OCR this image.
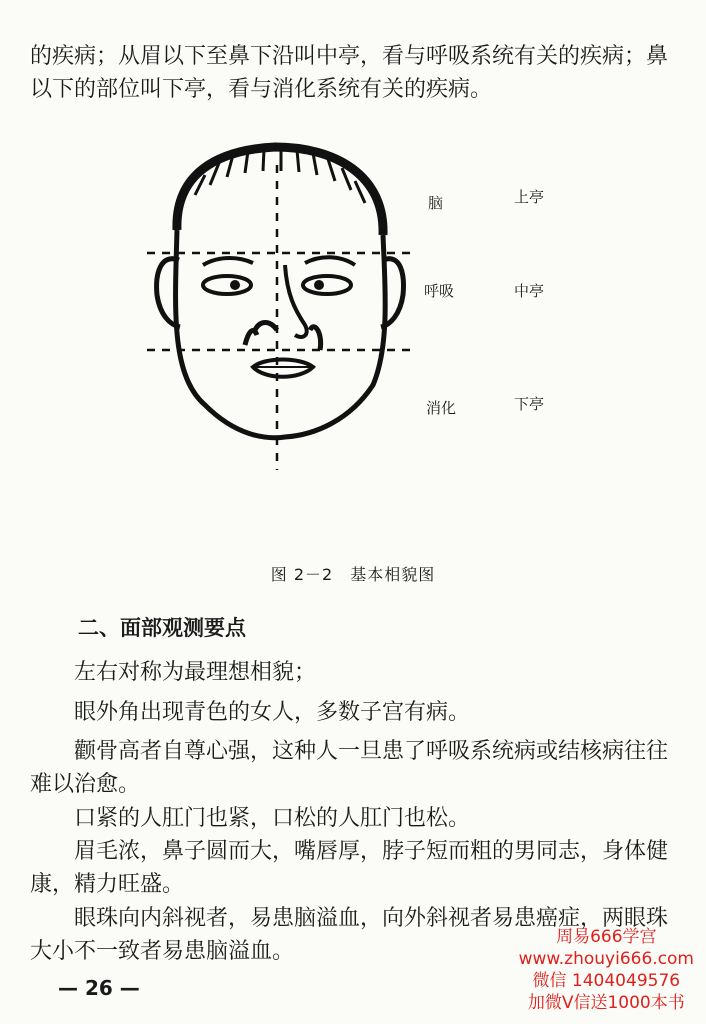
的疾病；从眉以下至鼻下沿叫中亭，看与呼吸系统有关的疾病；鼻以下的部位叫下亭，看与消化系统有关的疾病。

脑	上亭
呼吸	中亭
消化	下亭
图 2－2　基本相貌图
二、面部观测要点

左右对称为最理想相貌；

眼外角出现青色的女人，多数子宫有病。

颧骨高者自尊心强，这种人一旦患了呼吸系统病或结核病往往难以治愈。

口紧的人肛门也紧，口松的人肛门也松。

眉毛浓，鼻子圆而大，嘴唇厚，脖子短而粗的男同志，身体健康，精力旺盛。

眼珠向内斜视者，易患脑溢血，向外斜视者易患癌症，两眼珠大小不一致者易患脑溢血。

— 26 —
周易666学宫
www.zhouyi666.com
微信 1404049576
加微V信送1000本书
